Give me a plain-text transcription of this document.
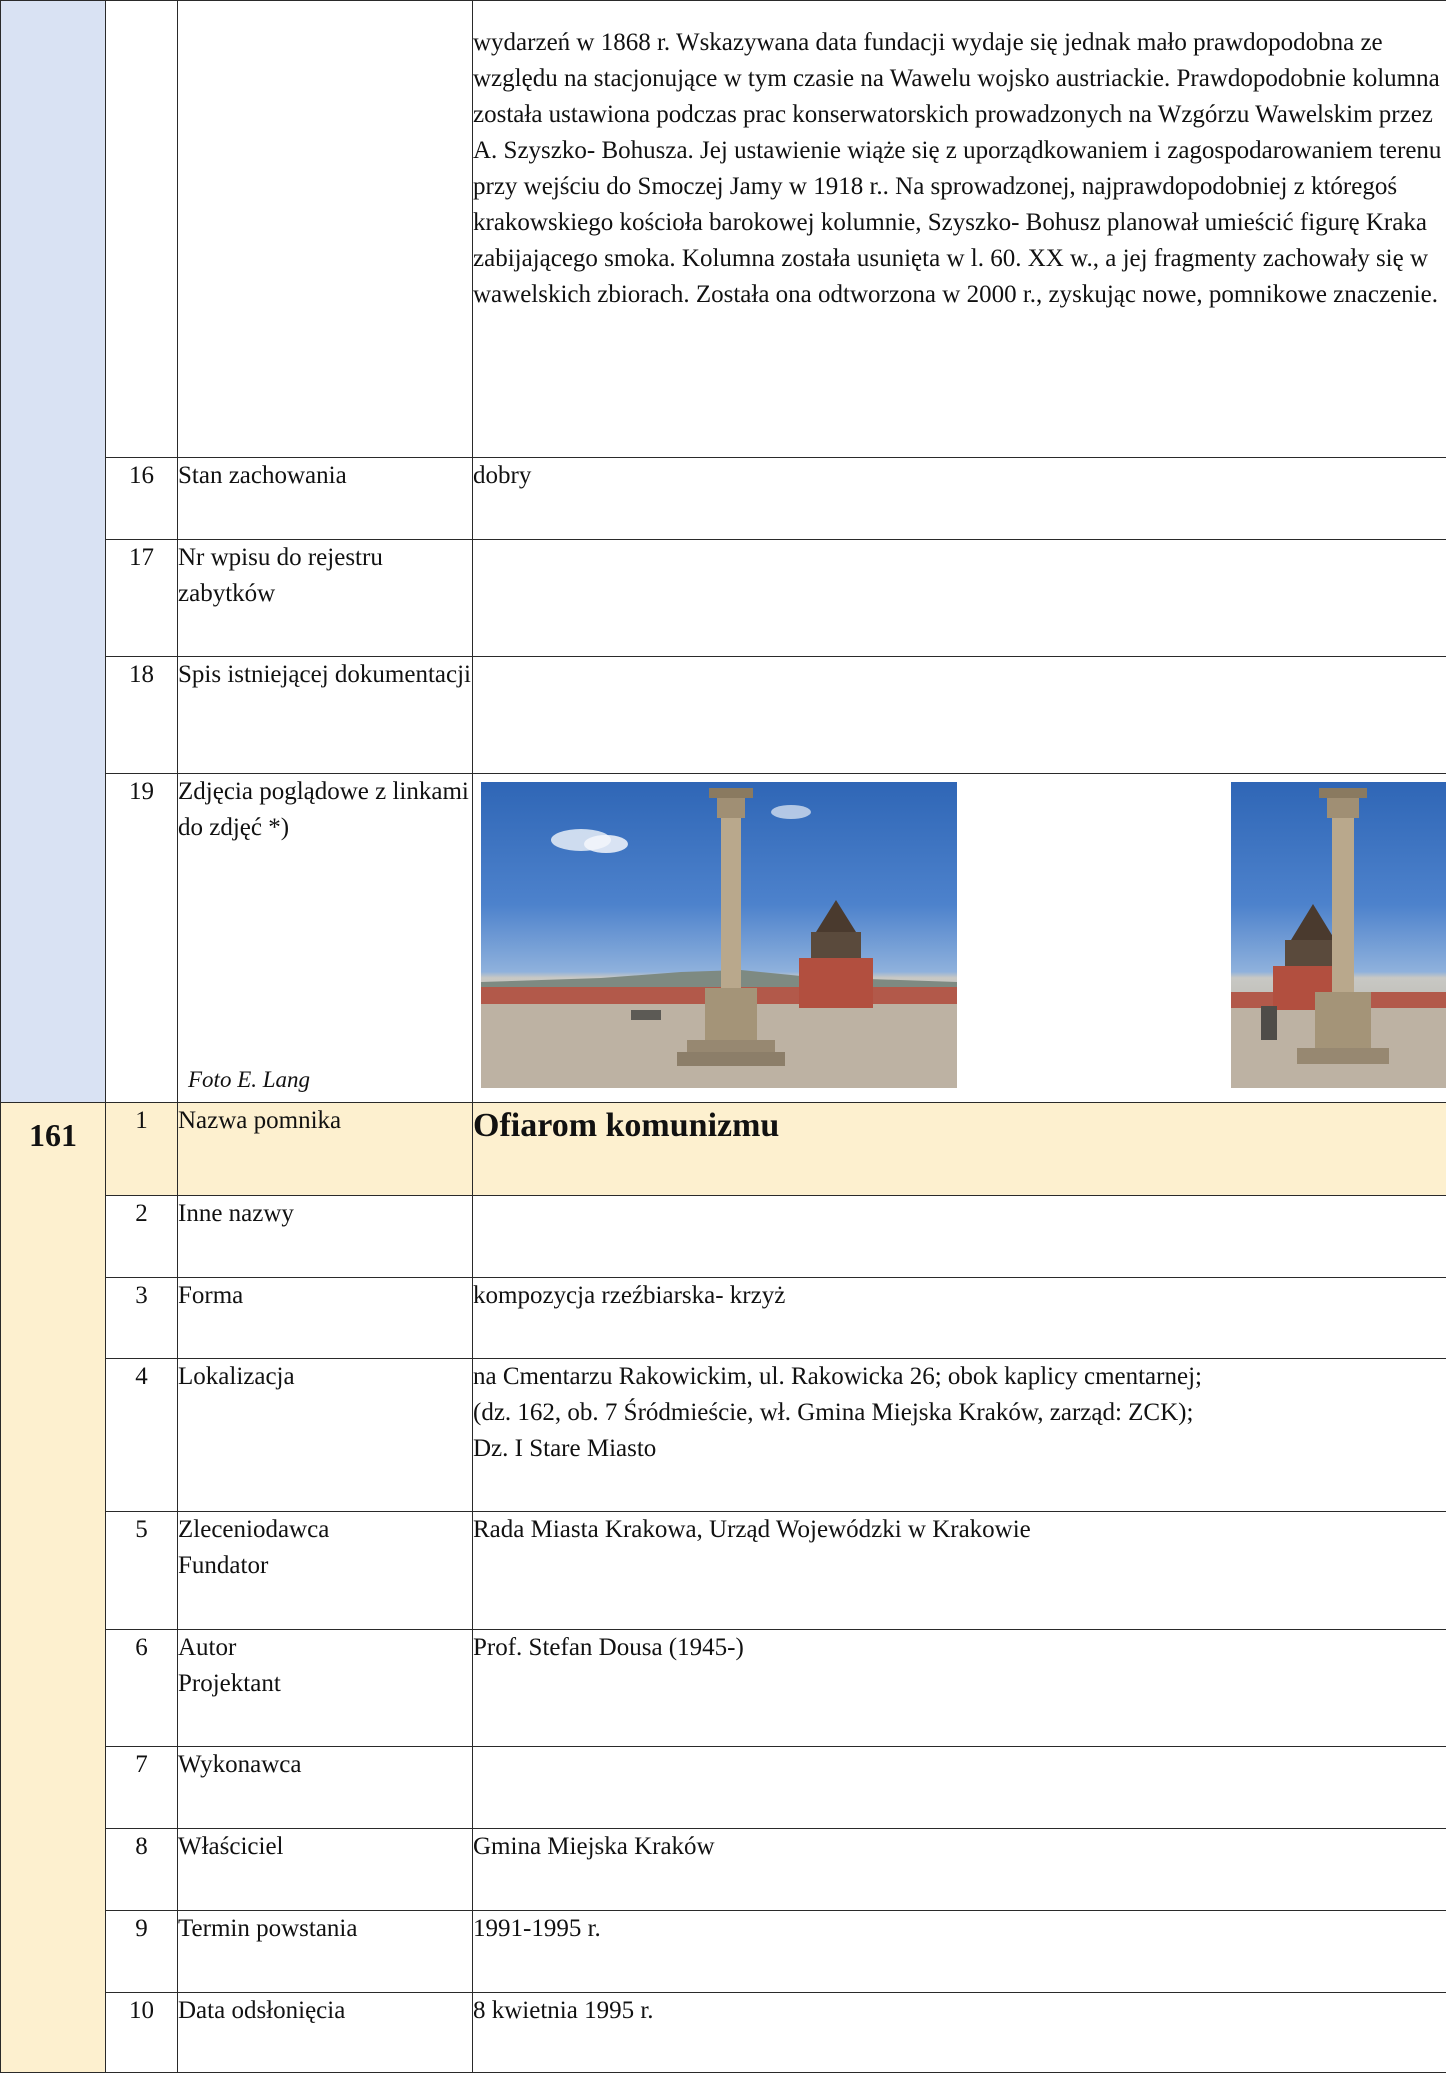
			wydarzeń w 1868 r. Wskazywana data fundacji wydaje się jednak mało prawdopodobna ze względu na stacjonujące w tym czasie na Wawelu wojsko austriackie. Prawdopodobnie kolumna została ustawiona podczas prac konserwatorskich prowadzonych na Wzgórzu Wawelskim przez A. Szyszko- Bohusza. Jej ustawienie wiąże się z uporządkowaniem i zagospodarowaniem terenu przy wejściu do Smoczej Jamy w 1918 r.. Na sprowadzonej, najprawdopodobniej z któregoś krakowskiego kościoła barokowej kolumnie, Szyszko- Bohusz planował umieścić figurę Kraka zabijającego smoka. Kolumna została usunięta w l. 60. XX w., a jej fragmenty zachowały się w wawelskich zbiorach. Została ona odtworzona w 2000 r., zyskując nowe, pomnikowe znaczenie.
	16	Stan zachowania	dobry
	17	Nr wpisu do rejestru zabytków	
	18	Spis istniejącej dokumentacji	
	19	Zdjęcia poglądowe z linkami do zdjęć *)
Foto E. Lang

161	1	Nazwa pomnika	Ofiarom komunizmu

	2	Inne nazwy	
	3	Forma	kompozycja rzeźbiarska- krzyż
	4	Lokalizacja	na Cmentarzu Rakowickim, ul. Rakowicka 26; obok kaplicy cmentarnej;
(dz. 162, ob. 7 Śródmieście, wł. Gmina Miejska Kraków, zarząd: ZCK);
Dz. I Stare Miasto

	5	Zleceniodawca
Fundator	Rada Miasta Krakowa, Urząd Wojewódzki w Krakowie
	6	Autor
Projektant	Prof. Stefan Dousa (1945-)
	7	Wykonawca	
	8	Właściciel	Gmina Miejska Kraków
	9	Termin powstania	1991-1995 r.
	10	Data odsłonięcia	8 kwietnia 1995 r.
